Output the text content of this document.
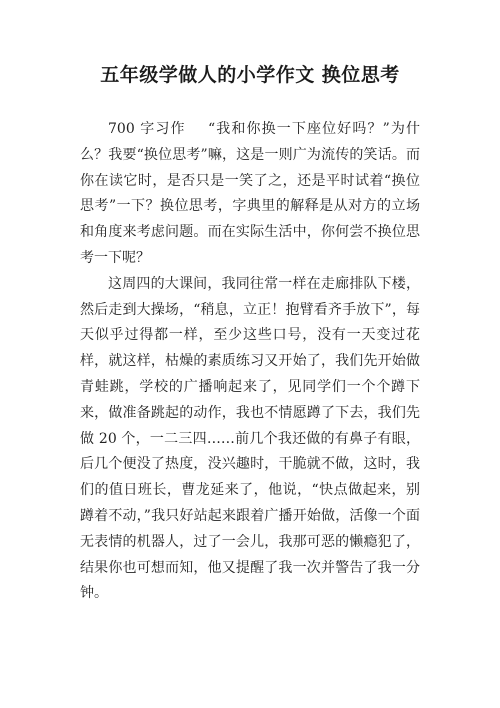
五年级学做人的小学作文 换位思考

700 字习作 “我和你换一下座位好吗？”为什么？我要“换位思考”嘛，这是一则广为流传的笑话。而你在读它时，是否只是一笑了之，还是平时试着“换位思考”一下？换位思考，字典里的解释是从对方的立场和角度来考虑问题。而在实际生活中，你何尝不换位思考一下呢？

这周四的大课间，我同往常一样在走廊排队下楼，然后走到大操场，“稍息，立正！抱臂看齐手放下”，每天似乎过得都一样，至少这些口号，没有一天变过花样，就这样，枯燥的素质练习又开始了，我们先开始做青蛙跳，学校的广播响起来了，见同学们一个个蹲下来，做准备跳起的动作，我也不情愿蹲了下去，我们先做 20 个，一二三四……前几个我还做的有鼻子有眼，后几个便没了热度，没兴趣时，干脆就不做，这时，我们的值日班长，曹龙延来了，他说，“快点做起来，别蹲着不动，”我只好站起来跟着广播开始做，活像一个面无表情的机器人，过了一会儿，我那可恶的懒瘾犯了，结果你也可想而知，他又提醒了我一次并警告了我一分钟。
